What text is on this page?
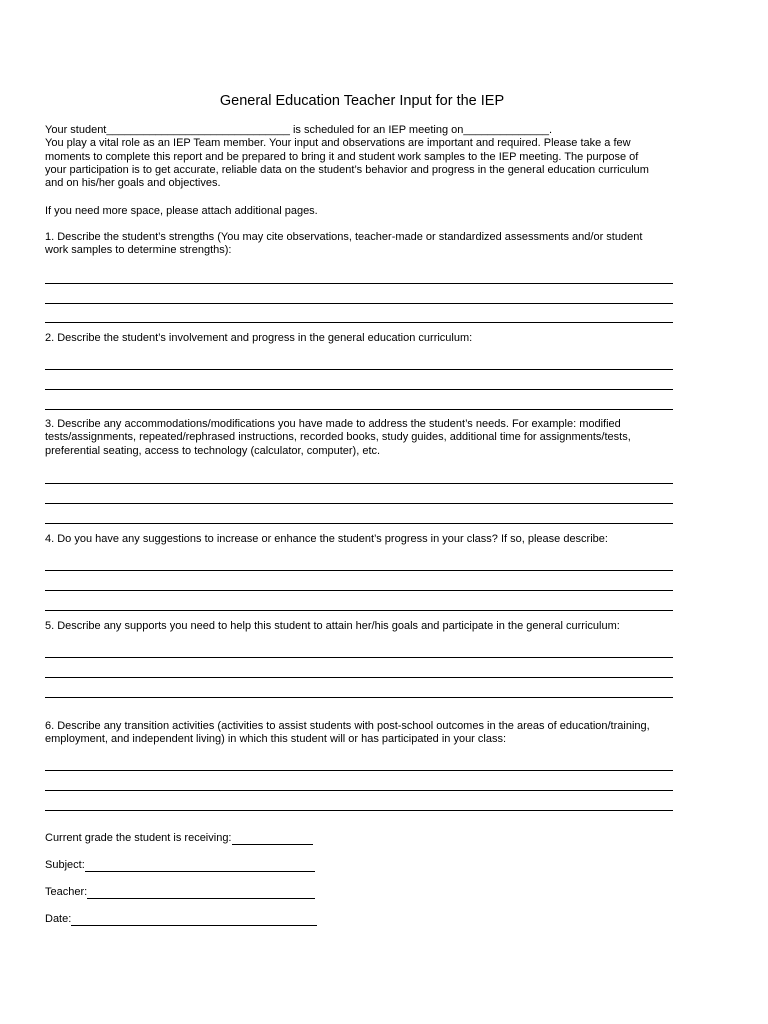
General Education Teacher Input for the IEP
Your student______________________________ is scheduled for an IEP meeting on______________.
You play a vital role as an IEP Team member. Your input and observations are important and required. Please take a few
moments to complete this report and be prepared to bring it and student work samples to the IEP meeting. The purpose of
your participation is to get accurate, reliable data on the student’s behavior and progress in the general education curriculum
and on his/her goals and objectives.
If you need more space, please attach additional pages.
1. Describe the student’s strengths (You may cite observations, teacher-made or standardized assessments and/or student
work samples to determine strengths):
2. Describe the student’s involvement and progress in the general education curriculum:
3. Describe any accommodations/modifications you have made to address the student’s needs. For example: modified
tests/assignments, repeated/rephrased instructions, recorded books, study guides, additional time for assignments/tests,
preferential seating, access to technology (calculator, computer), etc.
4. Do you have any suggestions to increase or enhance the student’s progress in your class? If so, please describe:
5. Describe any supports you need to help this student to attain her/his goals and participate in the general curriculum:
6. Describe any transition activities (activities to assist students with post-school outcomes in the areas of education/training,
employment, and independent living) in which this student will or has participated in your class:
Current grade the student is receiving:
Subject:
Teacher:
Date:
